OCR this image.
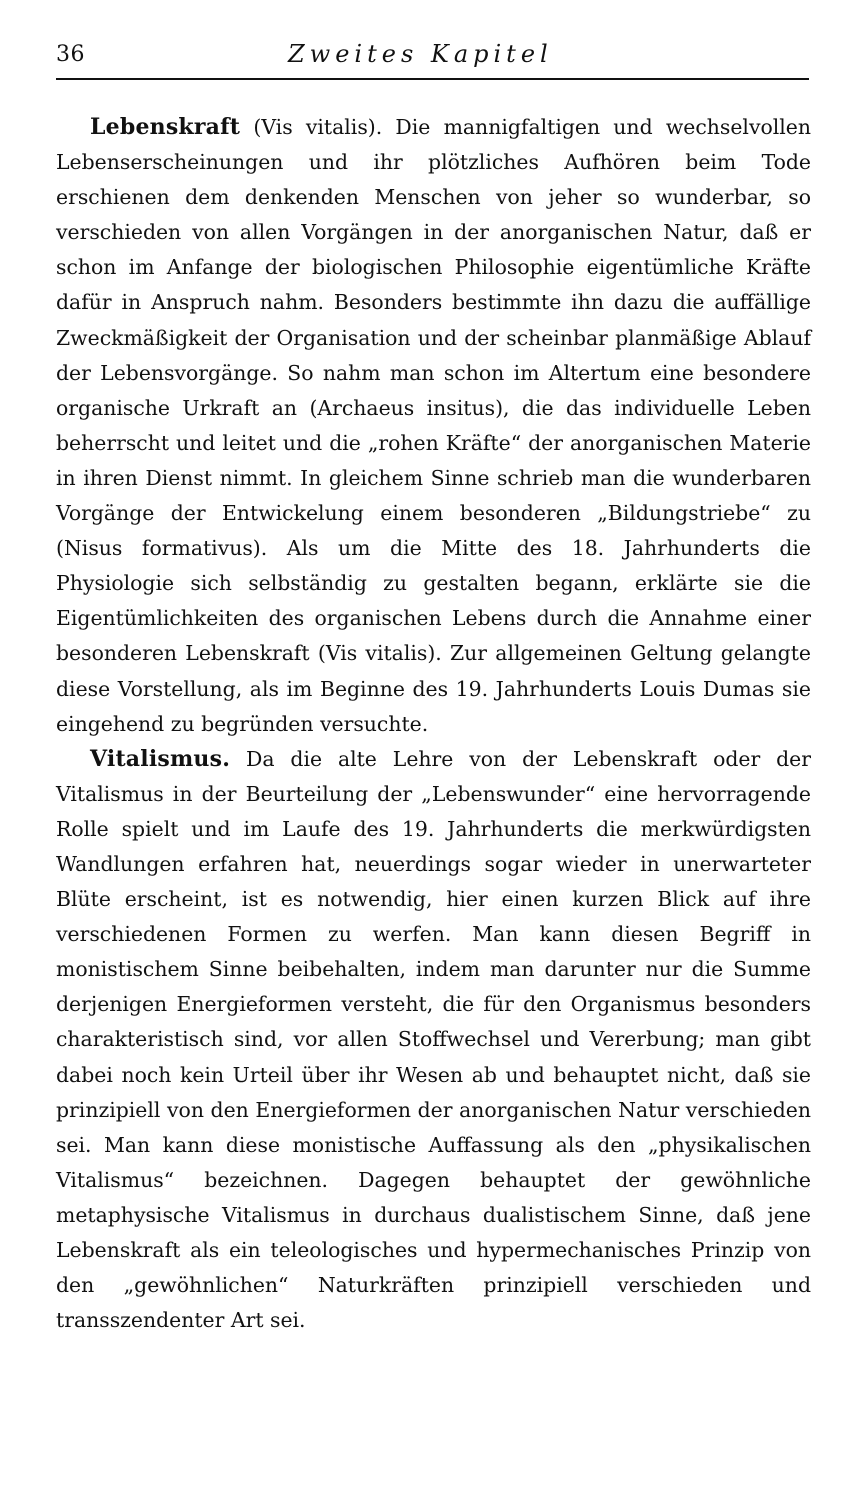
36	Zweites Kapitel

Lebenskraft (Vis vitalis). Die mannigfaltigen und wechselvollen Lebenserscheinungen und ihr plötzliches Aufhören beim Tode erschienen dem denkenden Menschen von jeher so wunderbar, so verschieden von allen Vorgängen in der anorganischen Natur, daß er schon im Anfange der biologischen Philosophie eigentümliche Kräfte dafür in Anspruch nahm. Besonders bestimmte ihn dazu die auffällige Zweckmäßigkeit der Organisation und der scheinbar planmäßige Ablauf der Lebensvorgänge. So nahm man schon im Altertum eine besondere organische Urkraft an (Archaeus insitus), die das individuelle Leben beherrscht und leitet und die „rohen Kräfte“ der anorganischen Materie in ihren Dienst nimmt. In gleichem Sinne schrieb man die wunderbaren Vorgänge der Entwickelung einem besonderen „Bildungstriebe“ zu (Nisus formativus). Als um die Mitte des 18. Jahrhunderts die Physiologie sich selbständig zu gestalten begann, erklärte sie die Eigentümlichkeiten des organischen Lebens durch die Annahme einer besonderen Lebenskraft (Vis vitalis). Zur allgemeinen Geltung gelangte diese Vorstellung, als im Beginne des 19. Jahrhunderts Louis Dumas sie eingehend zu begründen versuchte.

Vitalismus. Da die alte Lehre von der Lebenskraft oder der Vitalismus in der Beurteilung der „Lebenswunder“ eine hervorragende Rolle spielt und im Laufe des 19. Jahrhunderts die merkwürdigsten Wandlungen erfahren hat, neuerdings sogar wieder in unerwarteter Blüte erscheint, ist es notwendig, hier einen kurzen Blick auf ihre verschiedenen Formen zu werfen. Man kann diesen Begriff in monistischem Sinne beibehalten, indem man darunter nur die Summe derjenigen Energieformen versteht, die für den Organismus besonders charakteristisch sind, vor allen Stoffwechsel und Vererbung; man gibt dabei noch kein Urteil über ihr Wesen ab und behauptet nicht, daß sie prinzipiell von den Energieformen der anorganischen Natur verschieden sei. Man kann diese monistische Auffassung als den „physikalischen Vitalismus“ bezeichnen. Dagegen behauptet der gewöhnliche metaphysische Vitalismus in durchaus dualistischem Sinne, daß jene Lebenskraft als ein teleologisches und hypermechanisches Prinzip von den „gewöhnlichen“ Naturkräften prinzipiell verschieden und transszendenter Art sei.
